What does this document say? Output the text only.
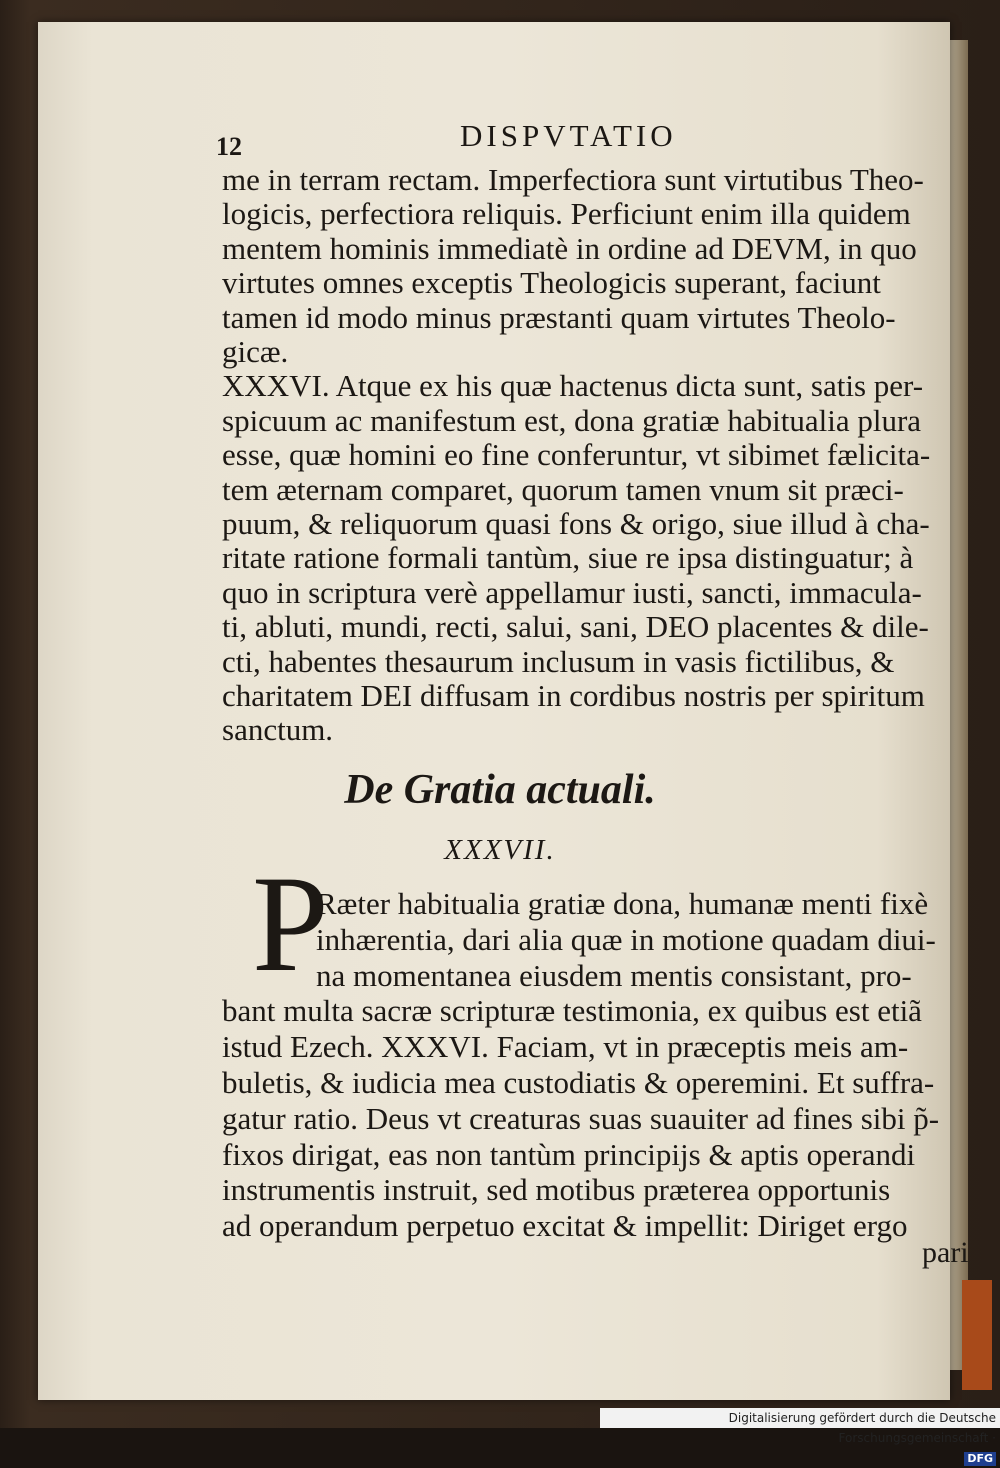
12	DISPVTATIO
me in terram rectam. Imperfectiora sunt virtutibus Theo-
logicis, perfectiora reliquis. Perficiunt enim illa quidem
mentem hominis immediatè in ordine ad DEVM, in quo
virtutes omnes exceptis Theologicis superant, faciunt
tamen id modo minus præstanti quam virtutes Theolo-
gicæ.
XXXVI. Atque ex his quæ hactenus dicta sunt, satis per-
spicuum ac manifestum est, dona gratiæ habitualia plura
esse, quæ homini eo fine conferuntur, vt sibimet fælicita-
tem æternam comparet, quorum tamen vnum sit præci-
puum, & reliquorum quasi fons & origo, siue illud à cha-
ritate ratione formali tantùm, siue re ipsa distinguatur; à
quo in scriptura verè appellamur iusti, sancti, immacula-
ti, abluti, mundi, recti, salui, sani, DEO placentes & dile-
cti, habentes thesaurum inclusum in vasis fictilibus, &
charitatem DEI diffusam in cordibus nostris per spiritum
sanctum.
De Gratia actuali.
XXXVII.
P
Ræter habitualia gratiæ dona, humanæ menti fixè
inhærentia, dari alia quæ in motione quadam diui-
na momentanea eiusdem mentis consistant, pro-
bant multa sacræ scripturæ testimonia, ex quibus est etiã
istud Ezech. XXXVI. Faciam, vt in præceptis meis am-
buletis, & iudicia mea custodiatis & operemini. Et suffra-
gatur ratio. Deus vt creaturas suas suauiter ad fines sibi p̃-
fixos dirigat, eas non tantùm principijs & aptis operandi
instrumentis instruit, sed motibus præterea opportunis
ad operandum perpetuo excitat & impellit: Diriget ergo
pari
Digitalisierung gefördert durch die Deutsche Forschungsgemeinschaft ·DFG
